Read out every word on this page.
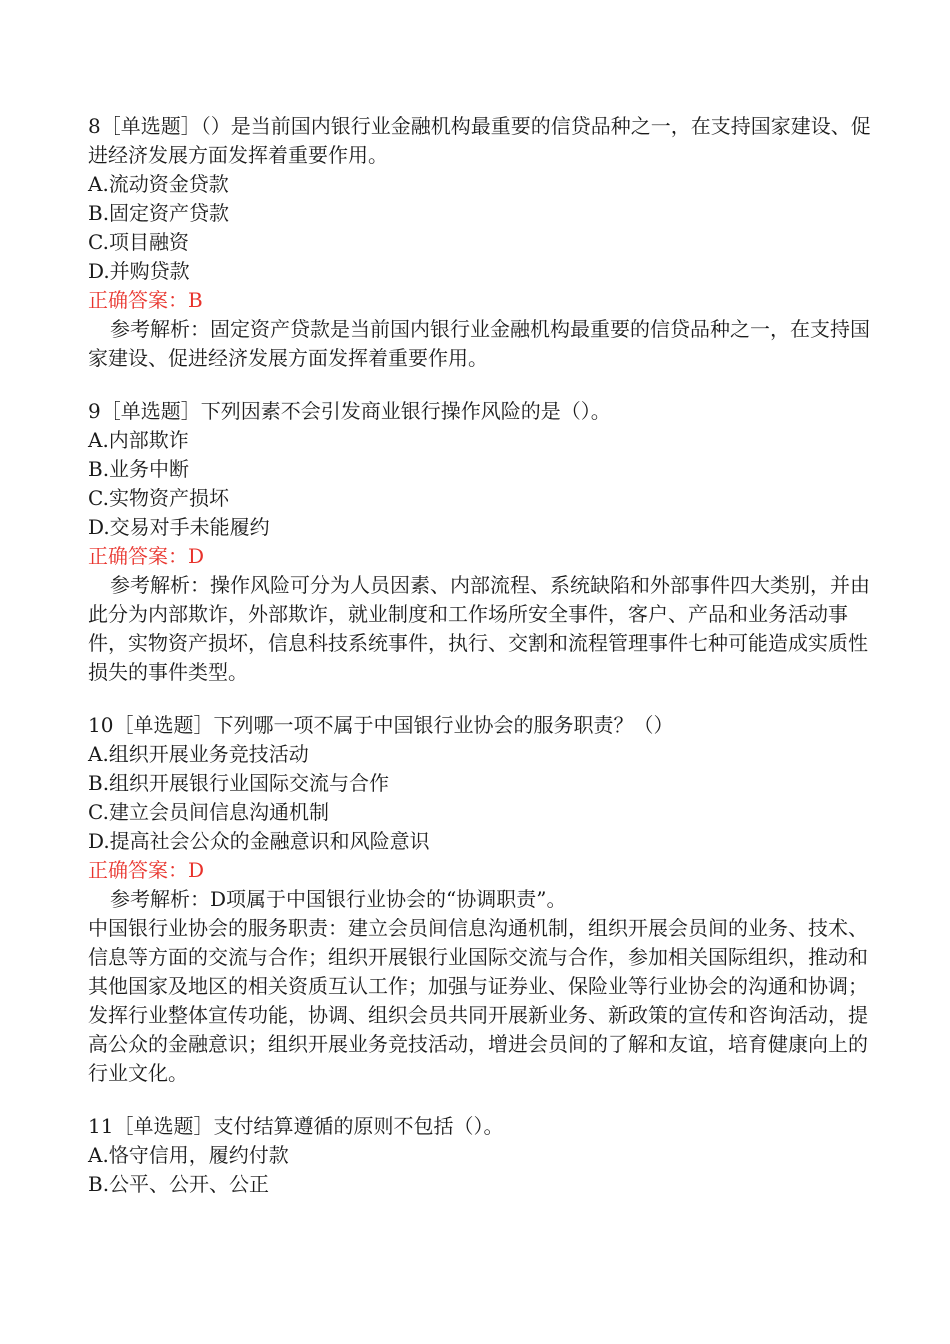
8［单选题］（）是当前国内银行业金融机构最重要的信贷品种之一，在支持国家建设、促进经济发展方面发挥着重要作用。
A.流动资金贷款
B.固定资产贷款
C.项目融资
D.并购贷款
正确答案：B
参考解析：固定资产贷款是当前国内银行业金融机构最重要的信贷品种之一，在支持国家建设、促进经济发展方面发挥着重要作用。
9［单选题］下列因素不会引发商业银行操作风险的是（）。
A.内部欺诈
B.业务中断
C.实物资产损坏
D.交易对手未能履约
正确答案：D
参考解析：操作风险可分为人员因素、内部流程、系统缺陷和外部事件四大类别，并由此分为内部欺诈，外部欺诈，就业制度和工作场所安全事件，客户、产品和业务活动事件，实物资产损坏，信息科技系统事件，执行、交割和流程管理事件七种可能造成实质性损失的事件类型。
10［单选题］下列哪一项不属于中国银行业协会的服务职责？（）
A.组织开展业务竞技活动
B.组织开展银行业国际交流与合作
C.建立会员间信息沟通机制
D.提高社会公众的金融意识和风险意识
正确答案：D
参考解析：D项属于中国银行业协会的“协调职责”。
中国银行业协会的服务职责：建立会员间信息沟通机制，组织开展会员间的业务、技术、信息等方面的交流与合作；组织开展银行业国际交流与合作，参加相关国际组织，推动和其他国家及地区的相关资质互认工作；加强与证券业、保险业等行业协会的沟通和协调；发挥行业整体宣传功能，协调、组织会员共同开展新业务、新政策的宣传和咨询活动，提高公众的金融意识；组织开展业务竞技活动，增进会员间的了解和友谊，培育健康向上的行业文化。
11［单选题］支付结算遵循的原则不包括（）。
A.恪守信用，履约付款
B.公平、公开、公正
